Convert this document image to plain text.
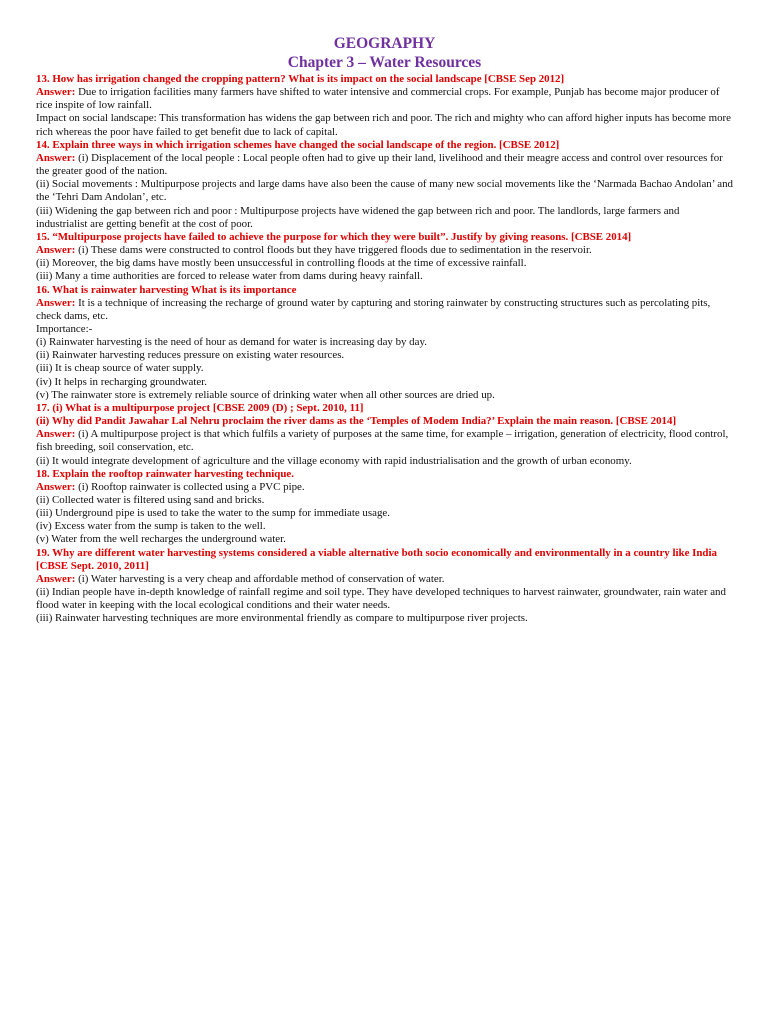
GEOGRAPHY

Chapter 3 – Water Resources

13. How has irrigation changed the cropping pattern? What is its impact on the social landscape [CBSE Sep 2012]

Answer: Due to irrigation facilities many farmers have shifted to water intensive and commercial crops. For example, Punjab has become major producer of rice inspite of low rainfall.

Impact on social landscape: This transformation has widens the gap between rich and poor. The rich and mighty who can afford higher inputs has become more rich whereas the poor have failed to get benefit due to lack of capital.

14. Explain three ways in which irrigation schemes have changed the social landscape of the region. [CBSE 2012]

Answer: (i) Displacement of the local people : Local people often had to give up their land, livelihood and their meagre access and control over resources for the greater good of the nation.

(ii) Social movements : Multipurpose projects and large dams have also been the cause of many new social movements like the ‘Narmada Bachao Andolan’ and the ‘Tehri Dam Andolan’, etc.

(iii) Widening the gap between rich and poor : Multipurpose projects have widened the gap between rich and poor. The landlords, large farmers and industrialist are getting benefit at the cost of poor.

15. “Multipurpose projects have failed to achieve the purpose for which they were built”. Justify by giving reasons. [CBSE 2014]

Answer: (i) These dams were constructed to control floods but they have triggered floods due to sedimentation in the reservoir.

(ii) Moreover, the big dams have mostly been unsuccessful in controlling floods at the time of excessive rainfall.

(iii) Many a time authorities are forced to release water from dams during heavy rainfall.

16. What is rainwater harvesting What is its importance

Answer: It is a technique of increasing the recharge of ground water by capturing and storing rainwater by constructing structures such as percolating pits, check dams, etc.

Importance:-

(i) Rainwater harvesting is the need of hour as demand for water is increasing day by day.

(ii) Rainwater harvesting reduces pressure on existing water resources.

(iii) It is cheap source of water supply.

(iv) It helps in recharging groundwater.

(v) The rainwater store is extremely reliable source of drinking water when all other sources are dried up.

17. (i) What is a multipurpose project [CBSE 2009 (D) ; Sept. 2010, 11]

(ii) Why did Pandit Jawahar Lal Nehru proclaim the river dams as the ‘Temples of Modem India?’ Explain the main reason. [CBSE 2014]

Answer: (i) A multipurpose project is that which fulfils a variety of purposes at the same time, for example – irrigation, generation of electricity, flood control, fish breeding, soil conservation, etc.

(ii) It would integrate development of agriculture and the village economy with rapid industrialisation and the growth of urban economy.

18. Explain the rooftop rainwater harvesting technique.

Answer: (i) Rooftop rainwater is collected using a PVC pipe.

(ii) Collected water is filtered using sand and bricks.

(iii) Underground pipe is used to take the water to the sump for immediate usage.

(iv) Excess water from the sump is taken to the well.

(v) Water from the well recharges the underground water.

19. Why are different water harvesting systems considered a viable alternative both socio economically and environmentally in a country like India [CBSE Sept. 2010, 2011]

Answer: (i) Water harvesting is a very cheap and affordable method of conservation of water.

(ii) Indian people have in-depth knowledge of rainfall regime and soil type. They have developed techniques to harvest rainwater, groundwater, rain water and flood water in keeping with the local ecological conditions and their water needs.

(iii) Rainwater harvesting techniques are more environmental friendly as compare to multipurpose river projects.
